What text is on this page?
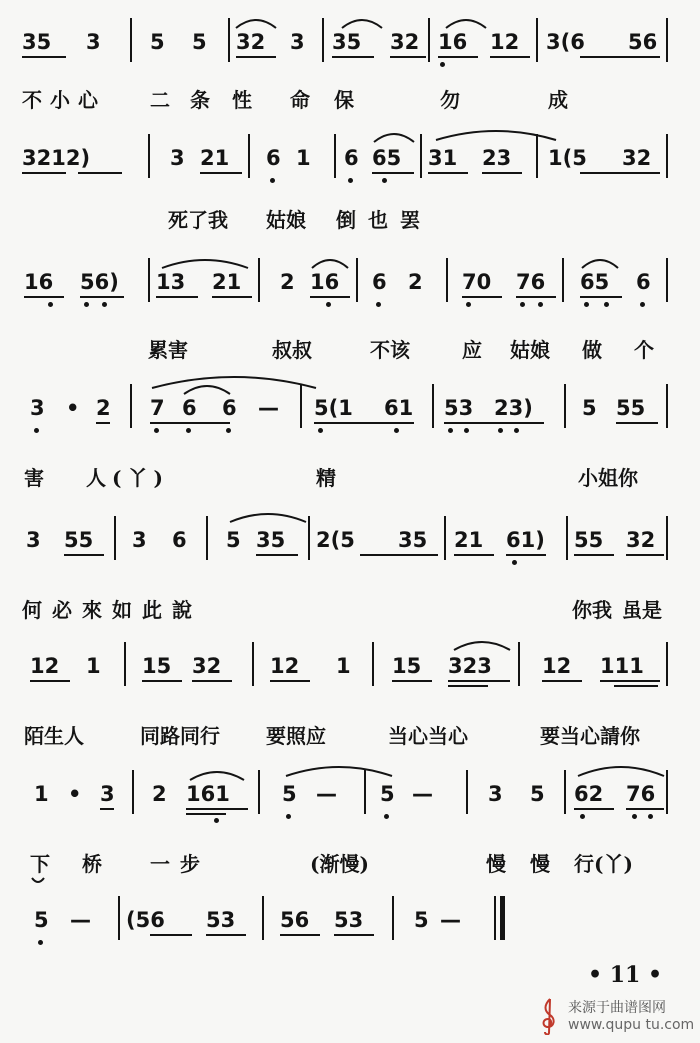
35 3 5 5 32 3 35 32 16 12 3(6 56
不小心 二 条 性 命 保	勿	成
3212)	3 21 6 1 6 65 31 23 1(5 32
死了我 姑娘 倒 也 罢
16 56) 13 21 2 16 6 2 70 76 65 6
累害	叔叔	不该	应 姑娘 做 个
3 • 2 7 6 6 — 5(1 61 53 23) 5 55
害 人(丫)	精	小姐你
3 55 3 6 5 35 2(5 35 21 61) 55 32
何必來如此說	你我 虽是
12 1 15 32 12 1 15 323 12 111
陌生人	同路同行 要照应	当心当心	要当心請你
1 • 3 2 161 5 — 5 —	3 5 62 76
下 桥 一步	(渐慢)	慢 慢 行(丫)
5 — (56 53 56 53 5 —
• 11 •
来源于曲谱图网
www.qupu tu.com
